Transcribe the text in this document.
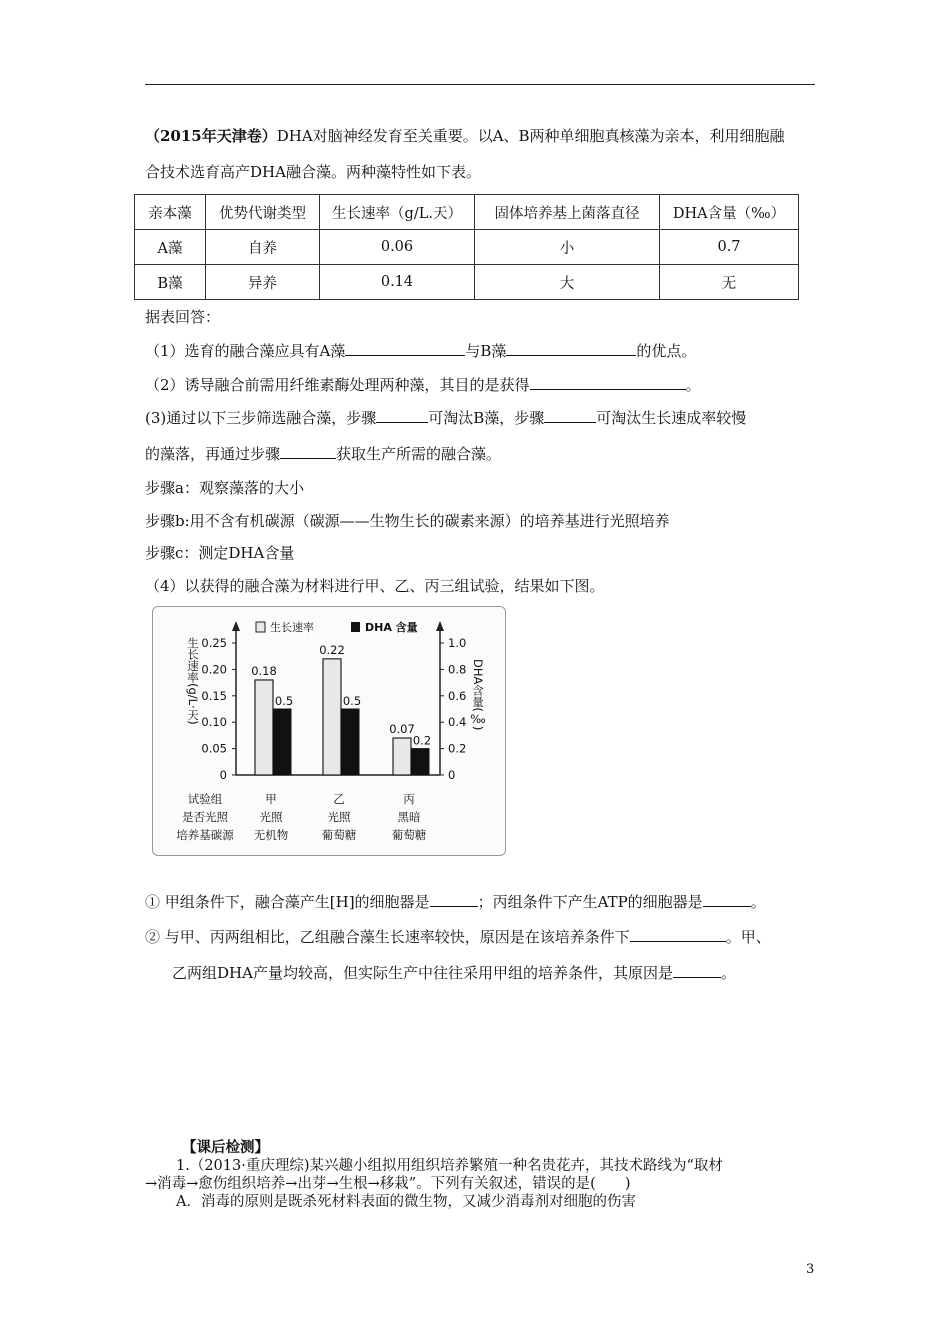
（2015年天津卷）DHA对脑神经发育至关重要。以A、B两种单细胞真核藻为亲本，利用细胞融
合技术选育高产DHA融合藻。两种藻特性如下表。
亲本藻	优势代谢类型	生长速率（g/L.天）	固体培养基上菌落直径	DHA含量（‰）
A藻	自养	0.06	小	0.7
B藻	异养	0.14	大	无
据表回答：
（1）选育的融合藻应具有A藻	与B藻	的优点。
（2）诱导融合前需用纤维素酶处理两种藻，其目的是获得	。
(3)通过以下三步筛选融合藻，步骤	可淘汰B藻，步骤	可淘汰生长速成率较慢
的藻落，再通过步骤	获取生产所需的融合藻。
步骤a：观察藻落的大小
步骤b:用不含有机碳源（碳源——生物生长的碳素来源）的培养基进行光照培养
步骤c：测定DHA含量
（4）以获得的融合藻为材料进行甲、乙、丙三组试验，结果如下图。
0
0.05
0.10
0.15
0.20
0.25
0
0.2
0.4
0.6
0.8
1.0
0.18
0.5
0.22
0.5
0.07
0.2
生长速率	DHA 含量
生长速率(g/L·天)	DHA含量(‰)
试验组
是否光照
培养基碳源
甲
光照
无机物
乙
光照
葡萄糖
丙
黑暗
葡萄糖
① 甲组条件下，融合藻产生[H]的细胞器是	；丙组条件下产生ATP的细胞器是	。
② 与甲、丙两组相比，乙组融合藻生长速率较快，原因是在该培养条件下	。甲、
乙两组DHA产量均较高，但实际生产中往往采用甲组的培养条件，其原因是	。
【课后检测】
1.（2013·重庆理综)某兴趣小组拟用组织培养繁殖一种名贵花卉，其技术路线为“取材
→消毒→愈伤组织培养→出芽→生根→移栽”。下列有关叙述，错误的是(　　)
A．消毒的原则是既杀死材料表面的微生物，又减少消毒剂对细胞的伤害
3
